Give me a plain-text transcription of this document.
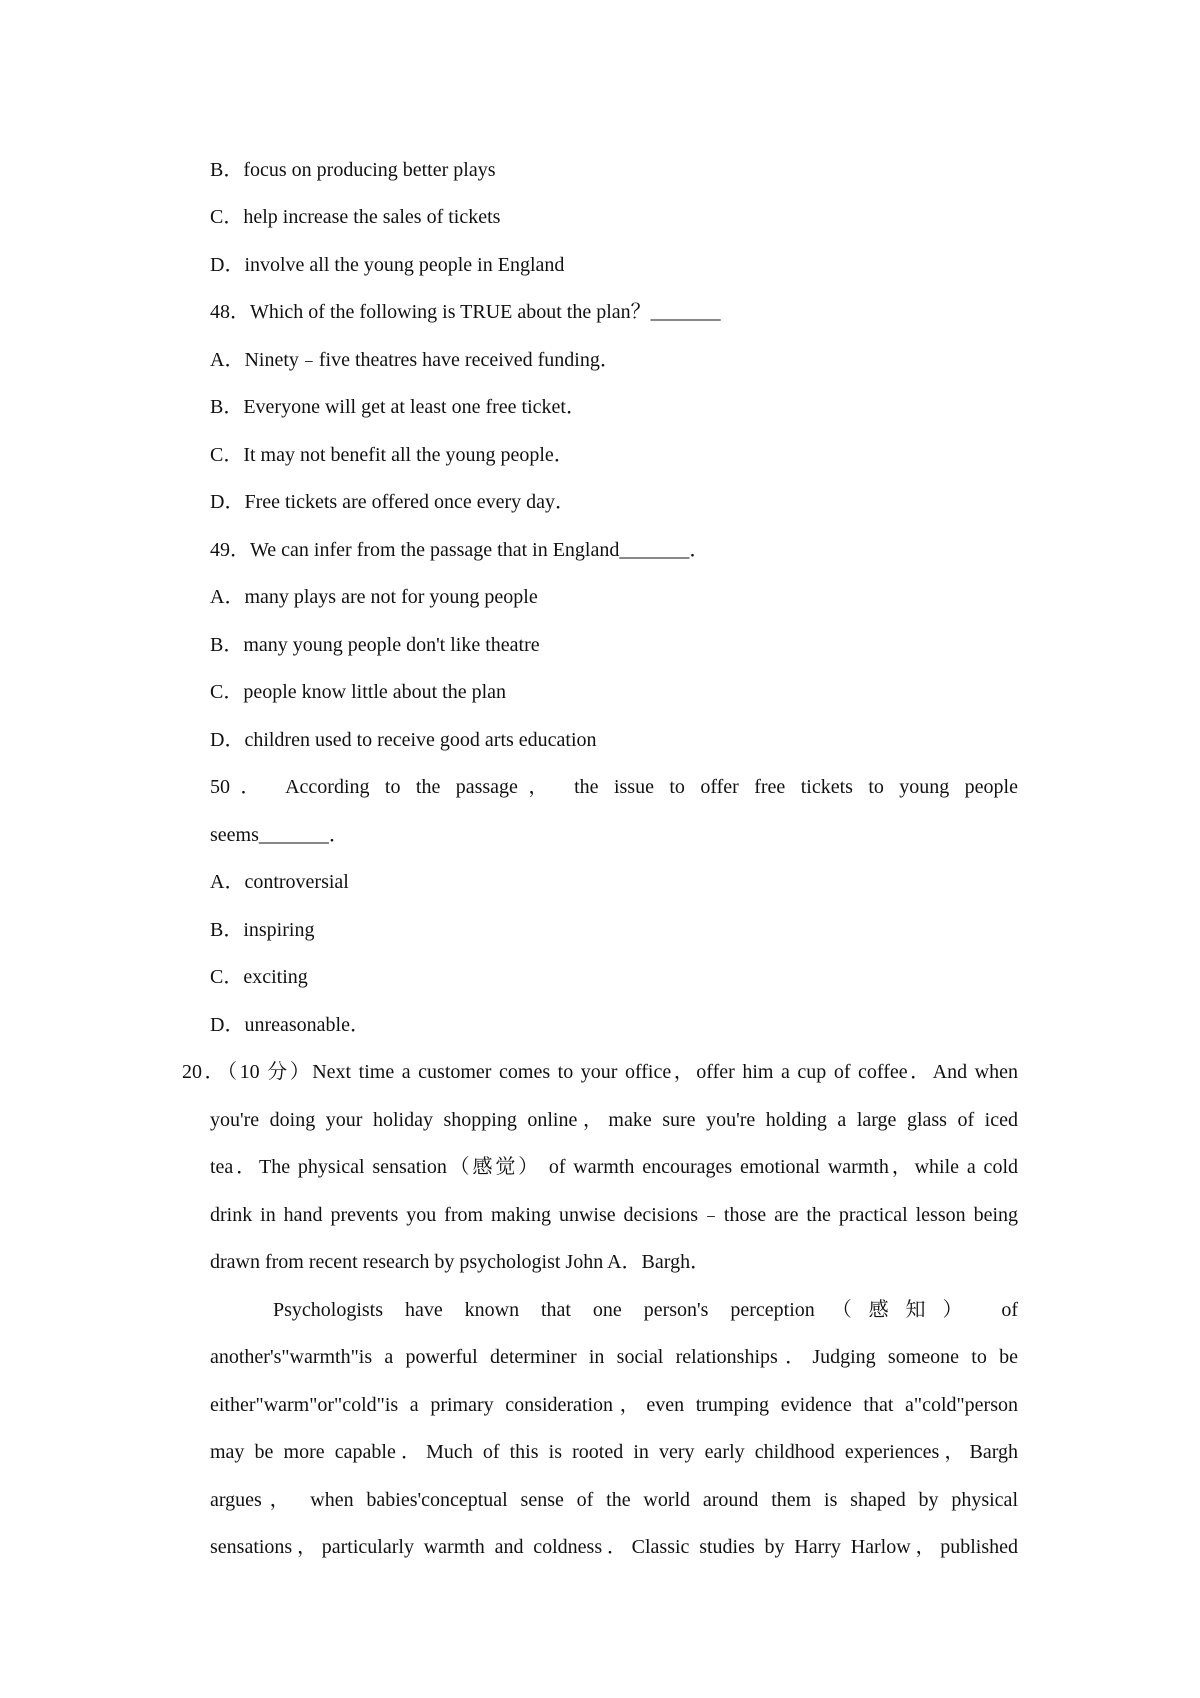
B．focus on producing better plays
C．help increase the sales of tickets
D．involve all the young people in England
48．Which of the following is TRUE about the plan？_______
A．Ninety﹣five theatres have received funding．
B．Everyone will get at least one free ticket．
C．It may not benefit all the young people．
D．Free tickets are offered once every day．
49．We can infer from the passage that in England_______．
A．many plays are not for young people
B．many young people don't like theatre
C．people know little about the plan
D．children used to receive good arts education
50． According to the passage， the issue to offer free tickets to young people
seems_______．
A．controversial
B．inspiring
C．exciting
D．unreasonable．
20．（10 分）Next time a customer comes to your office，offer him a cup of coffee．And when
you're doing your holiday shopping online，make sure you're holding a large glass of iced
tea．The physical sensation（感觉） of warmth encourages emotional warmth，while a cold
drink in hand prevents you from making unwise decisions﹣those are the practical lesson being
drawn from recent research by psychologist John A．Bargh．
Psychologists have known that one person's perception（感知） of
another's"warmth"is a powerful determiner in social relationships．Judging someone to be
either"warm"or"cold"is a primary consideration，even trumping evidence that a"cold"person
may be more capable．Much of this is rooted in very early childhood experiences，Bargh
argues， when babies'conceptual sense of the world around them is shaped by physical
sensations，particularly warmth and coldness．Classic studies by Harry Harlow，published
